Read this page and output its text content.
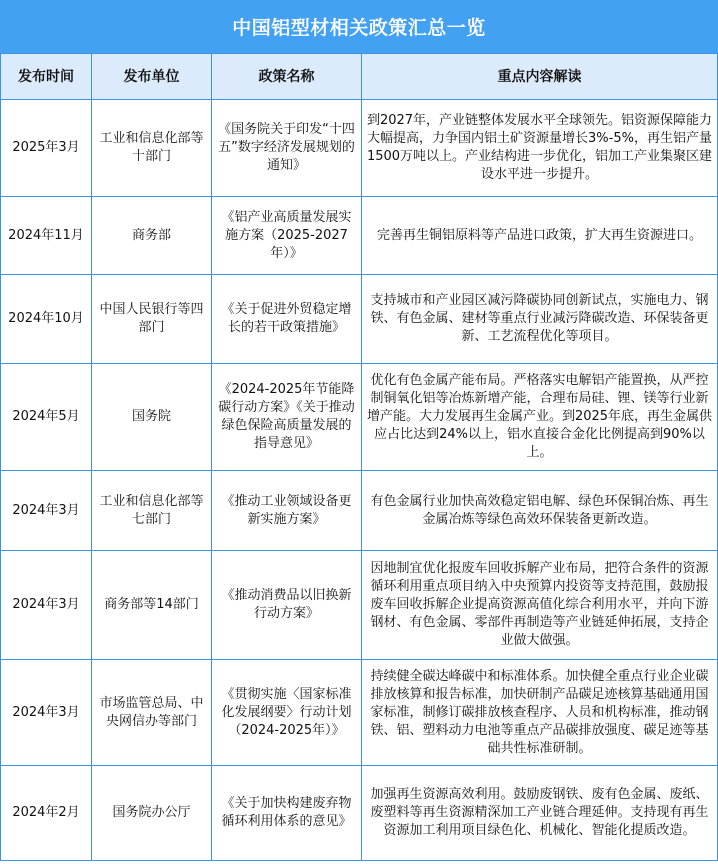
中国铝型材相关政策汇总一览
发布时间	发布单位	政策名称	重点内容解读
2025年3月	工业和信息化部等十部门	《国务院关于印发“十四五”数字经济发展规划的通知》	到2027年，产业链整体发展水平全球领先。铝资源保障能力大幅提高，力争国内铝土矿资源量增长3%-5%，再生铝产量1500万吨以上。产业结构进一步优化，铝加工产业集聚区建设水平进一步提升。
2024年11月	商务部	《铝产业高质量发展实施方案（2025-2027年）》	完善再生铜铝原料等产品进口政策，扩大再生资源进口。
2024年10月	中国人民银行等四部门	《关于促进外贸稳定增长的若干政策措施》	支持城市和产业园区减污降碳协同创新试点，实施电力、钢铁、有色金属、建材等重点行业减污降碳改造、环保装备更新、工艺流程优化等项目。
2024年5月	国务院	《2024-2025年节能降碳行动方案》《关于推动绿色保险高质量发展的指导意见》	优化有色金属产能布局。严格落实电解铝产能置换，从严控制铜氧化铝等冶炼新增产能，合理布局硅、锂、镁等行业新增产能。大力发展再生金属产业。到2025年底，再生金属供应占比达到24%以上，铝水直接合金化比例提高到90%以上。
2024年3月	工业和信息化部等七部门	《推动工业领域设备更新实施方案》	有色金属行业加快高效稳定铝电解、绿色环保铜冶炼、再生金属冶炼等绿色高效环保装备更新改造。
2024年3月	商务部等14部门	《推动消费品以旧换新行动方案》	因地制宜优化报废车回收拆解产业布局，把符合条件的资源循环利用重点项目纳入中央预算内投资等支持范围，鼓励报废车回收拆解企业提高资源高值化综合利用水平，并向下游钢材、有色金属、零部件再制造等产业链延伸拓展，支持企业做大做强。
2024年3月	市场监管总局、中央网信办等部门	《贯彻实施〈国家标准化发展纲要〉行动计划（2024-2025年）》	持续健全碳达峰碳中和标准体系。加快健全重点行业企业碳排放核算和报告标准，加快研制产品碳足迹核算基础通用国家标准，制修订碳排放核查程序、人员和机构标准，推动钢铁、铝、塑料动力电池等重点产品碳排放强度、碳足迹等基础共性标准研制。
2024年2月	国务院办公厅	《关于加快构建废弃物循环利用体系的意见》	加强再生资源高效利用。鼓励废钢铁、废有色金属、废纸、废塑料等再生资源精深加工产业链合理延伸。支持现有再生资源加工利用项目绿色化、机械化、智能化提质改造。
